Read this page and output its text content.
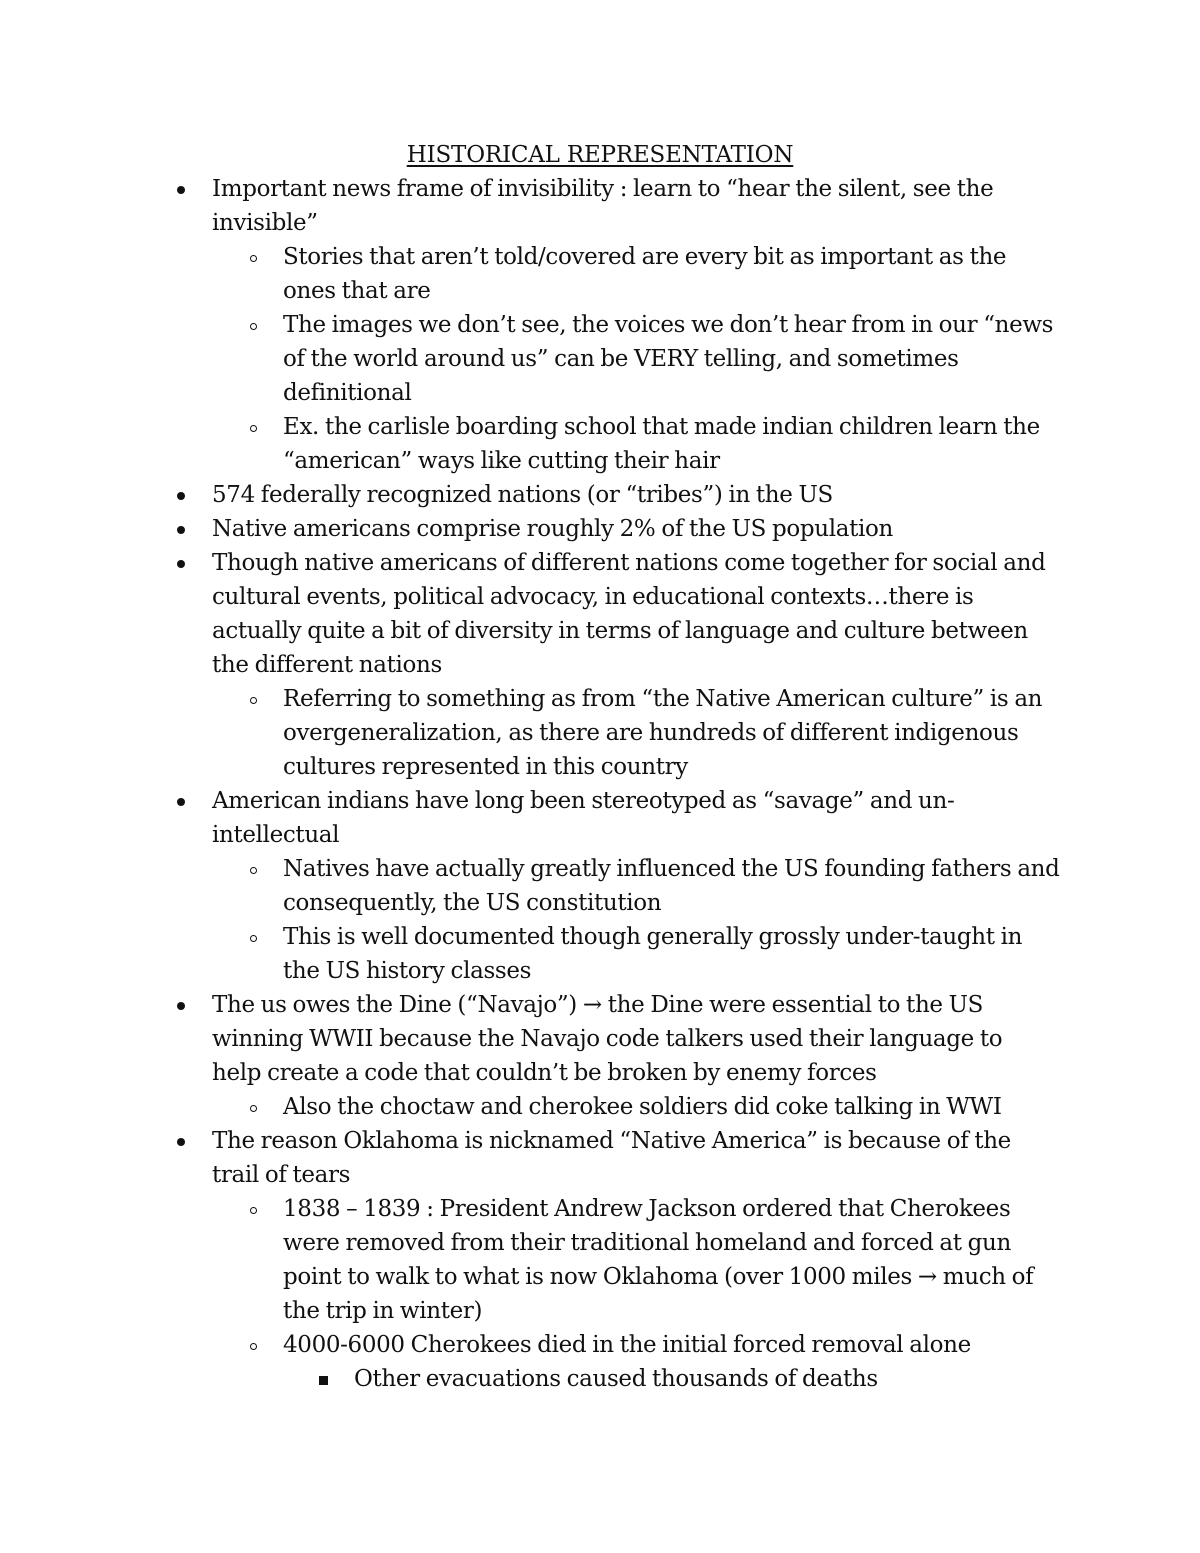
HISTORICAL REPRESENTATION
Important news frame of invisibility : learn to “hear the silent, see the invisible”
Stories that aren’t told/covered are every bit as important as the ones that are
The images we don’t see, the voices we don’t hear from in our “news of the world around us” can be VERY telling, and sometimes definitional
Ex. the carlisle boarding school that made indian children learn the “american” ways like cutting their hair
574 federally recognized nations (or “tribes”) in the US
Native americans comprise roughly 2% of the US population
Though native americans of different nations come together for social and cultural events, political advocacy, in educational contexts…there is actually quite a bit of diversity in terms of language and culture between the different nations
Referring to something as from “the Native American culture” is an overgeneralization, as there are hundreds of different indigenous cultures represented in this country
American indians have long been stereotyped as “savage” and un-intellectual
Natives have actually greatly influenced the US founding fathers and consequently, the US constitution
This is well documented though generally grossly under-taught in the US history classes
The us owes the Dine (“Navajo”) → the Dine were essential to the US winning WWII because the Navajo code talkers used their language to help create a code that couldn’t be broken by enemy forces
Also the choctaw and cherokee soldiers did coke talking in WWI
The reason Oklahoma is nicknamed “Native America” is because of the trail of tears
1838 – 1839 : President Andrew Jackson ordered that Cherokees were removed from their traditional homeland and forced at gun point to walk to what is now Oklahoma (over 1000 miles → much of the trip in winter)
4000-6000 Cherokees died in the initial forced removal alone
Other evacuations caused thousands of deaths
